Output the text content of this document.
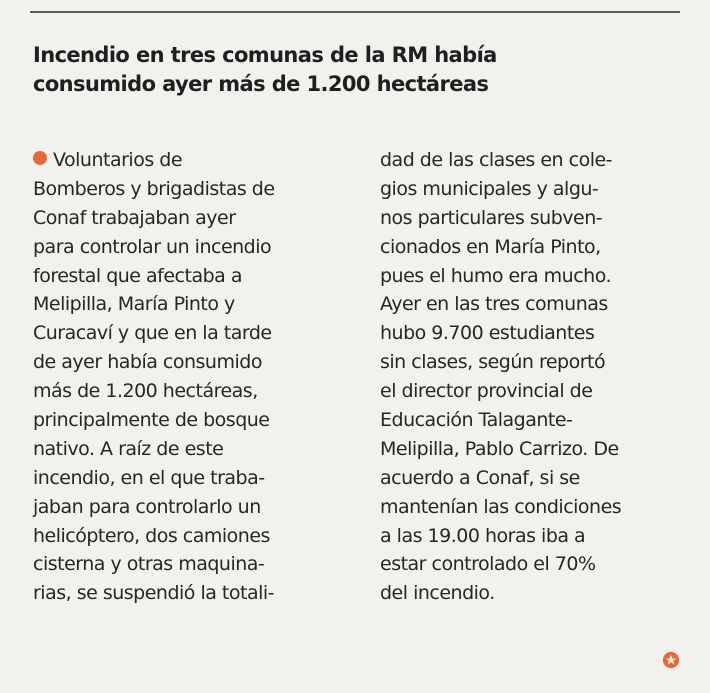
Incendio en tres comunas de la RM había
consumido ayer más de 1.200 hectáreas
Voluntarios de
Bomberos y brigadistas de
Conaf trabajaban ayer
para controlar un incendio
forestal que afectaba a
Melipilla, María Pinto y
Curacaví y que en la tarde
de ayer había consumido
más de 1.200 hectáreas,
principalmente de bosque
nativo. A raíz de este
incendio, en el que traba-
jaban para controlarlo un
helicóptero, dos camiones
cisterna y otras maquina-
rias, se suspendió la totali-
dad de las clases en cole-
gios municipales y algu-
nos particulares subven-
cionados en María Pinto,
pues el humo era mucho.
Ayer en las tres comunas
hubo 9.700 estudiantes
sin clases, según reportó
el director provincial de
Educación Talagante-
Melipilla, Pablo Carrizo. De
acuerdo a Conaf, si se
mantenían las condiciones
a las 19.00 horas iba a
estar controlado el 70%
del incendio.
